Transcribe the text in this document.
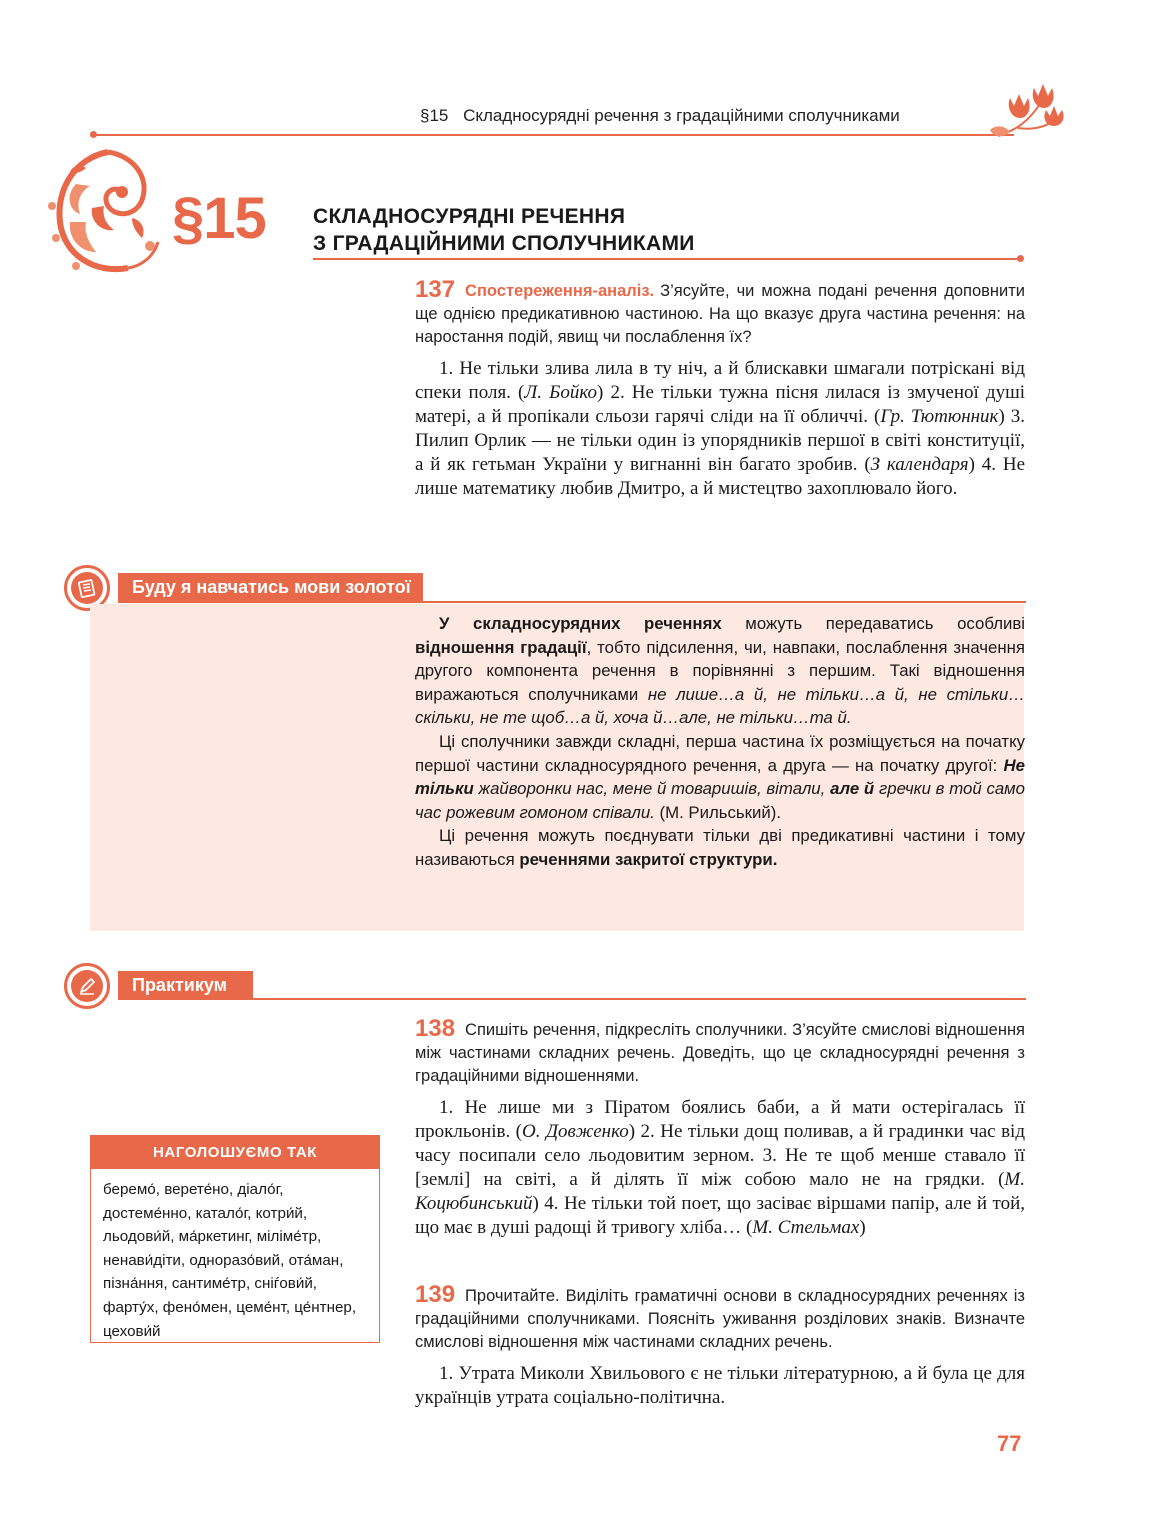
§15 Складносурядні речення з градаційними сполучниками
§15 СКЛАДНОСУРЯДНІ РЕЧЕННЯ
З ГРАДАЦІЙНИМИ СПОЛУЧНИКАМИ
137 Спостереження-аналіз. З’ясуйте, чи можна подані речення доповнити ще однією предикативною частиною. На що вказує друга частина речення: на наростання подій, явищ чи послаблення їх?
1. Не тільки злива лила в ту ніч, а й блискавки шмагали потріскані від спеки поля. (Л. Бойко) 2. Не тільки тужна пісня лилася із змученої душі матері, а й пропікали сльози гарячі сліди на її обличчі. (Гр. Тютюнник) 3. Пилип Орлик — не тільки один із упорядників першої в світі конституції, а й як гетьман України у вигнанні він багато зробив. (З календаря) 4. Не лише математику любив Дмитро, а й мистецтво захоплювало його.
Буду я навчатись мови золотої
У складносурядних реченнях можуть передаватись особливі відношення градації, тобто підсилення, чи, навпаки, послаблення значення другого компонента речення в порівнянні з першим. Такі відношення виражаються сполучниками не лише…а й, не тільки…а й, не стільки…скільки, не те щоб…а й, хоча й…але, не тільки…та й.
Ці сполучники завжди складні, перша частина їх розміщується на початку першої частини складносурядного речення, а друга — на початку другої: Не тільки жайворонки нас, мене й товаришів, вітали, але й гречки в той само час рожевим гомоном співали. (М. Рильський).
Ці речення можуть поєднувати тільки дві предикативні частини і тому називаються реченнями закритої структури.
Практикум
138 Спишіть речення, підкресліть сполучники. З’ясуйте смислові відношення між частинами складних речень. Доведіть, що це складносурядні речення з градаційними відношеннями.
1. Не лише ми з Піратом боялись баби, а й мати остерігалась її прокльонів. (О. Довженко) 2. Не тільки дощ поливав, а й градинки час від часу посипали село льодовитим зерном. 3. Не те щоб менше ставало її [землі] на світі, а й ділять її між собою мало не на грядки. (М. Коцюбинський) 4. Не тільки той поет, що засіває віршами папір, але й той, що має в душі радощі й тривогу хліба… (М. Стельмах)
НАГОЛОШУЄМО ТАК
беремо́, верете́но, діало́г, достеме́нно, катало́г, котри́й, льодови́й, ма́ркетинг, міліме́тр, ненави́діти, одноразо́вий, ота́ман, пізна́ння, сантиме́тр, сніѓови́й, фарту́х, фено́мен, цеме́нт, це́нтнер, цехови́й
139 Прочитайте. Виділіть граматичні основи в складносурядних реченнях із градаційними сполучниками. Поясніть уживання розділових знаків. Визначте смислові відношення між частинами складних речень.
1. Утрата Миколи Хвильового є не тільки літературною, а й була це для українців утрата соціально-політична.
77
